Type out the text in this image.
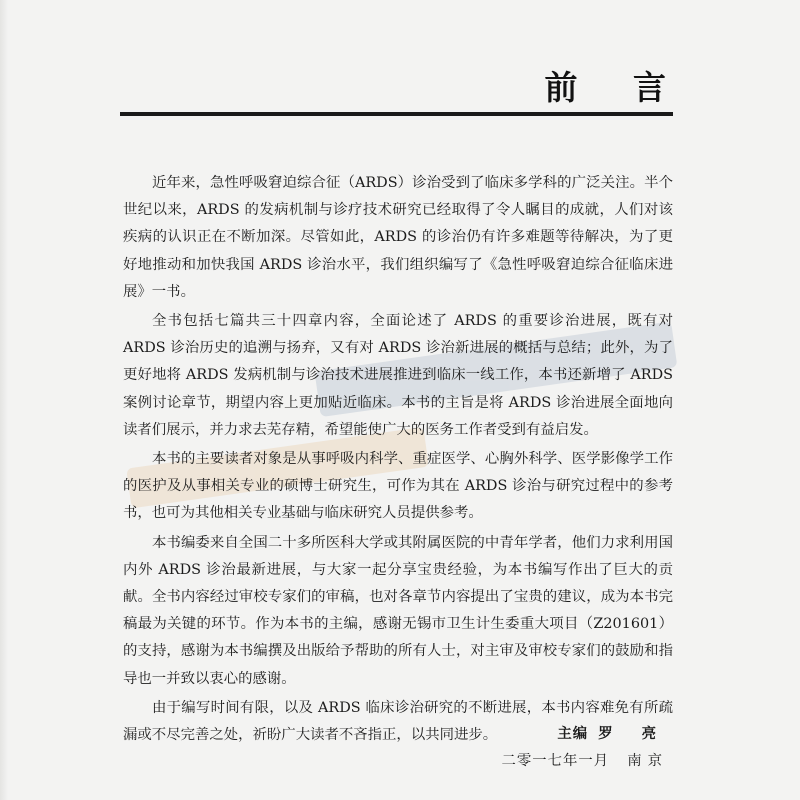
前 言

近年来，急性呼吸窘迫综合征（ARDS）诊治受到了临床多学科的广泛关注。半个世纪以来，ARDS 的发病机制与诊疗技术研究已经取得了令人瞩目的成就，人们对该疾病的认识正在不断加深。尽管如此，ARDS 的诊治仍有许多难题等待解决，为了更好地推动和加快我国 ARDS 诊治水平，我们组织编写了《急性呼吸窘迫综合征临床进展》一书。

全书包括七篇共三十四章内容，全面论述了 ARDS 的重要诊治进展，既有对 ARDS 诊治历史的追溯与扬弃，又有对 ARDS 诊治新进展的概括与总结；此外，为了更好地将 ARDS 发病机制与诊治技术进展推进到临床一线工作，本书还新增了 ARDS 案例讨论章节，期望内容上更加贴近临床。本书的主旨是将 ARDS 诊治进展全面地向读者们展示，并力求去芜存精，希望能使广大的医务工作者受到有益启发。

本书的主要读者对象是从事呼吸内科学、重症医学、心胸外科学、医学影像学工作的医护及从事相关专业的硕博士研究生，可作为其在 ARDS 诊治与研究过程中的参考书，也可为其他相关专业基础与临床研究人员提供参考。

本书编委来自全国二十多所医科大学或其附属医院的中青年学者，他们力求利用国内外 ARDS 诊治最新进展，与大家一起分享宝贵经验，为本书编写作出了巨大的贡献。全书内容经过审校专家们的审稿，也对各章节内容提出了宝贵的建议，成为本书完稿最为关键的环节。作为本书的主编，感谢无锡市卫生计生委重大项目（Z201601）的支持，感谢为本书编撰及出版给予帮助的所有人士，对主审及审校专家们的鼓励和指导也一并致以衷心的感谢。

由于编写时间有限，以及 ARDS 临床诊治研究的不断进展，本书内容难免有所疏漏或不尽完善之处，祈盼广大读者不吝指正，以共同进步。	主编 罗 亮
二零一七年一月 南京
